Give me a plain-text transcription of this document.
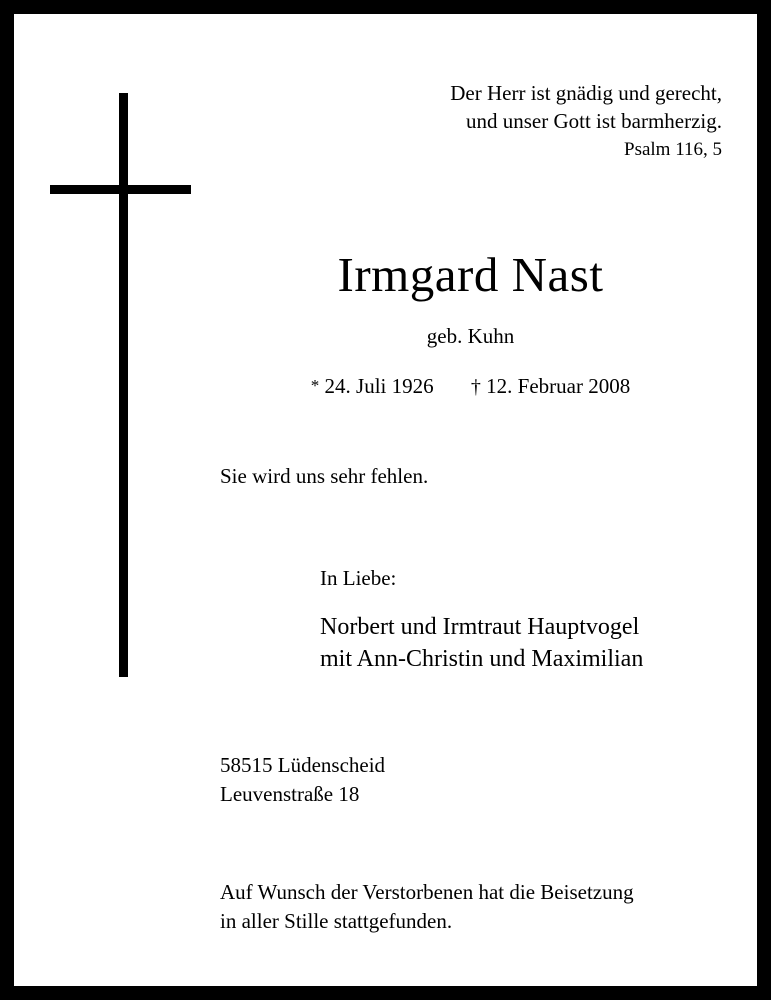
Der Herr ist gnädig und gerecht,
und unser Gott ist barmherzig.
Psalm 116, 5
Irmgard Nast
geb. Kuhn
* 24. Juli 1926 † 12. Februar 2008
Sie wird uns sehr fehlen.
In Liebe:
Norbert und Irmtraut Hauptvogel
mit Ann-Christin und Maximilian
58515 Lüdenscheid
Leuvenstraße 18
Auf Wunsch der Verstorbenen hat die Beisetzung
in aller Stille stattgefunden.
